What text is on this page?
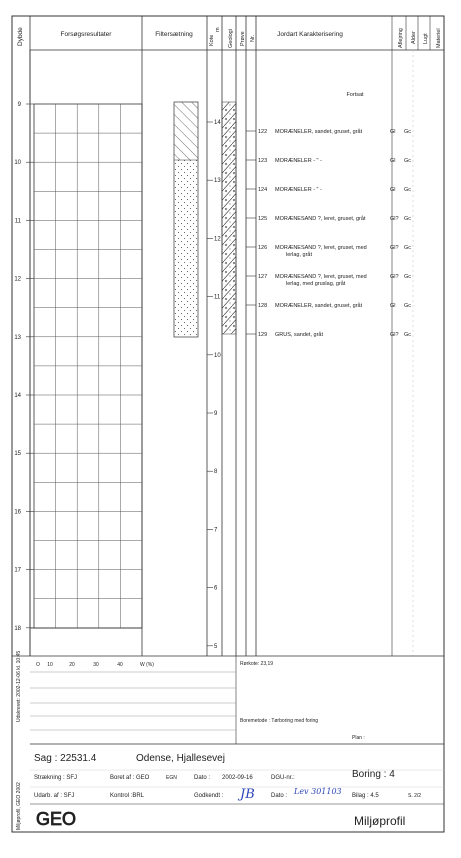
Dybde	Forsøgsresultater	Filtersætning
Kote
m Geologi Prøve Nr.
Jordart Karakterisering	Aflejring Alder Lugt Materiel
Fortsat
9
10
11
12
13
14
15
16
17
18
14
13
12
11
10
9
8
7
6
5
122 MORÆNELER, sandet, gruset, gråt	Gl Gc
123 MORÆNELER - " -	Gl Gc
124 MORÆNELER - " -	Gl Gc
125 MORÆNESAND ?, leret, gruset, gråt	Gl? Gc
126 MORÆNESAND ?, leret, gruset, med
lerlag, gråt
Gl? Gc
127 MORÆNESAND ?, leret, gruset, med
lerlag, med gruslag, gråt
Gl? Gc
128 MORÆNELER, sandet, gruset, gråt	Gl Gc
129 GRUS, sandet, gråt	Gl? Gc
O 10	20	30	40	W (%)	Rørkote: 23,19
Boremetode : Tørboring med foring
Plan :
Udskrevet: 2002-12-06 kl. 10:45
Miljøprofil, GEO 2002
Sag : 22531.4	Odense, Hjallesevej
Strækning : SFJ	Boret af : GEO	EGN	Dato : 2002-09-16	DGU-nr.:	Boring : 4
Udarb. af : SFJ	Kontrol :BRL	Godkendt : JB	Dato : Lev 301103 Bilag : 4.5	S. 2/2
GEO	Miljøprofil
